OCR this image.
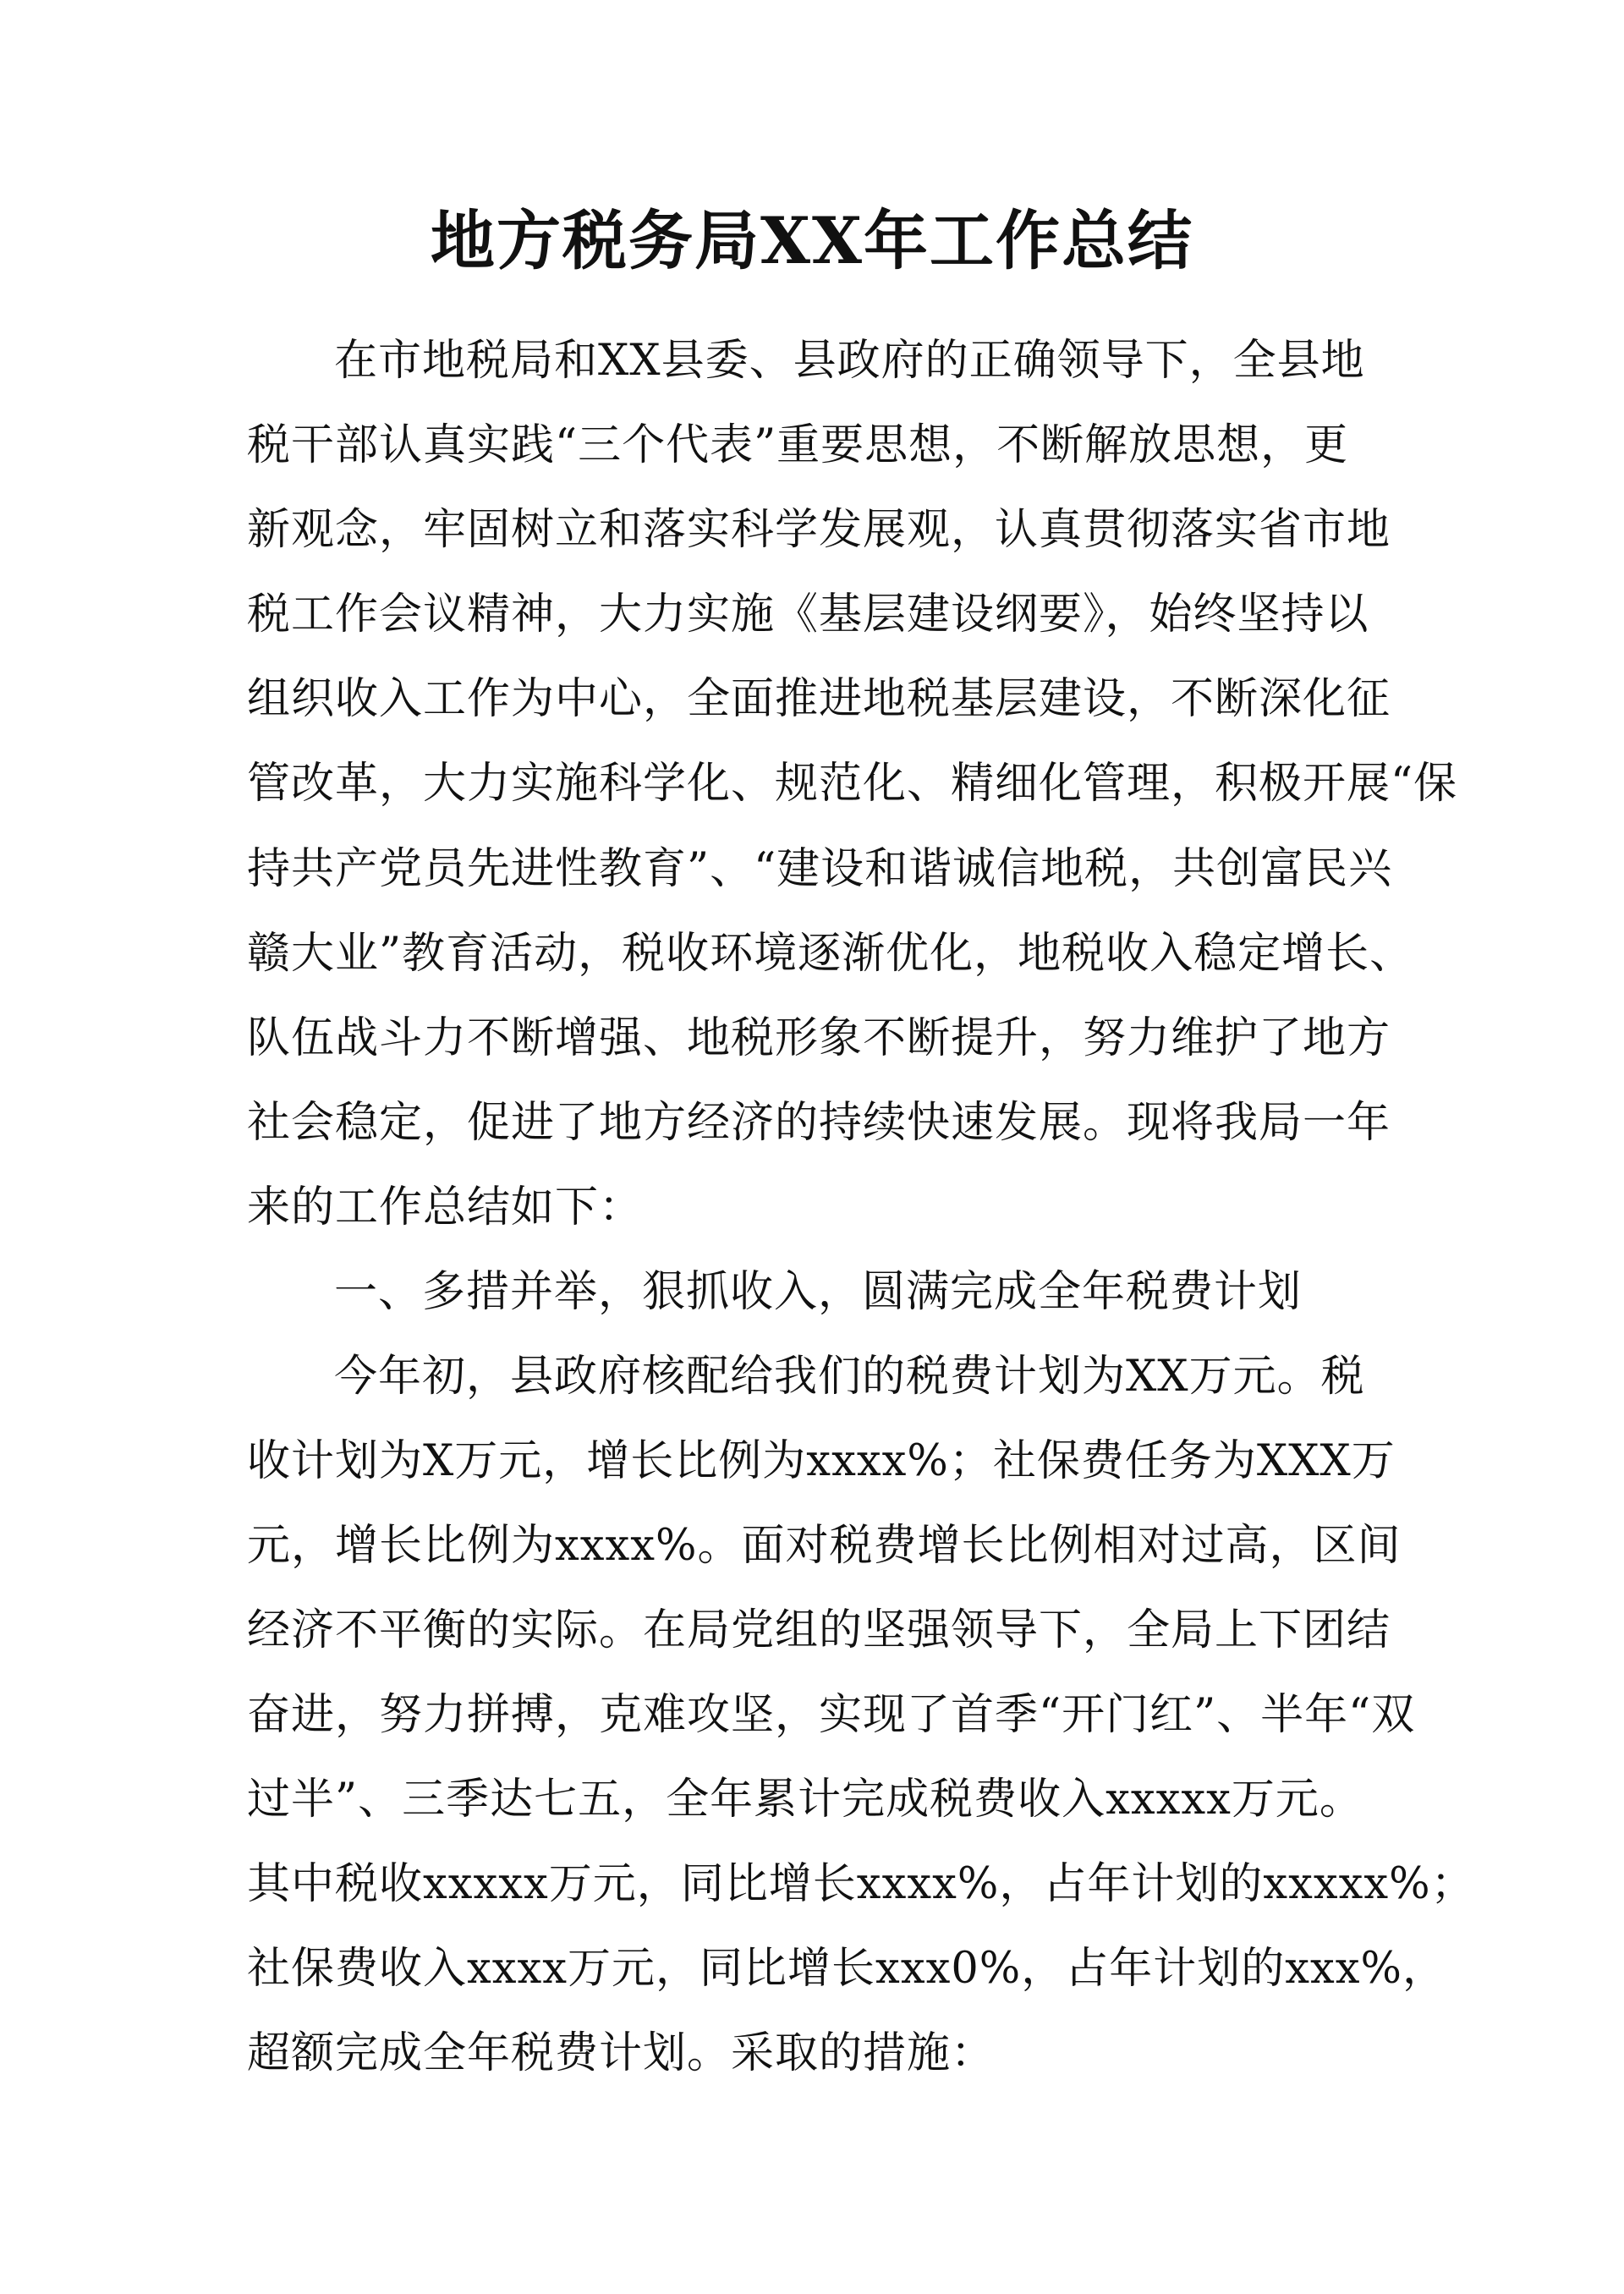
地方税务局XX年工作总结
在市地税局和XX县委、县政府的正确领导下，全县地
税干部认真实践“三个代表”重要思想，不断解放思想，更
新观念，牢固树立和落实科学发展观，认真贯彻落实省市地
税工作会议精神，大力实施《基层建设纲要》，始终坚持以
组织收入工作为中心，全面推进地税基层建设，不断深化征
管改革，大力实施科学化、规范化、精细化管理，积极开展“保
持共产党员先进性教育”、“建设和谐诚信地税，共创富民兴
赣大业”教育活动，税收环境逐渐优化，地税收入稳定增长、
队伍战斗力不断增强、地税形象不断提升，努力维护了地方
社会稳定，促进了地方经济的持续快速发展。现将我局一年
来的工作总结如下：
一、多措并举，狠抓收入，圆满完成全年税费计划
今年初，县政府核配给我们的税费计划为XX万元。税
收计划为X万元，增长比例为xxxx%；社保费任务为XXX万
元，增长比例为xxxx%。面对税费增长比例相对过高，区间
经济不平衡的实际。在局党组的坚强领导下，全局上下团结
奋进，努力拼搏，克难攻坚，实现了首季“开门红”、半年“双
过半”、三季达七五，全年累计完成税费收入xxxxx万元。
其中税收xxxxx万元，同比增长xxxx%，占年计划的xxxxx%；
社保费收入xxxx万元，同比增长xxx0%，占年计划的xxx%，
超额完成全年税费计划。采取的措施：
